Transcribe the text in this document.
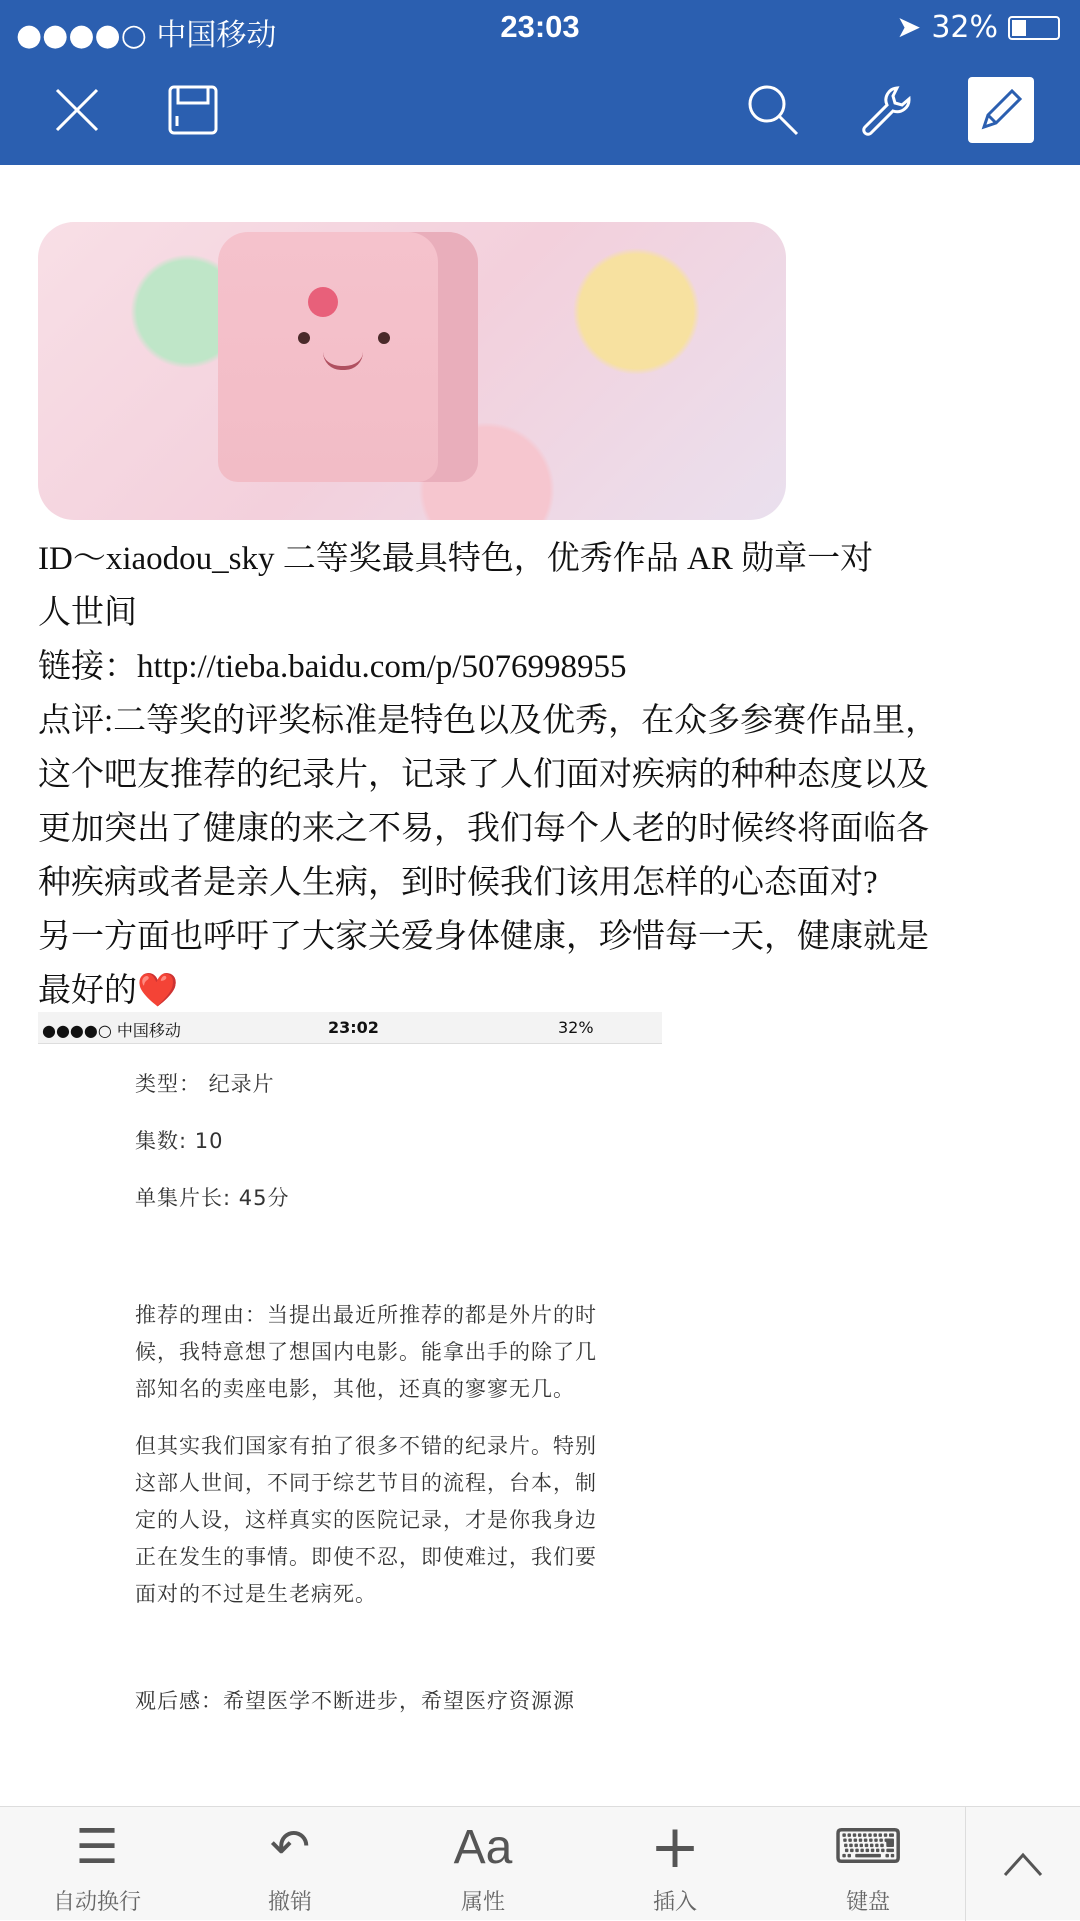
●●●●○ 中国移动	23:03	➤ 32%

ID～xiaodou_sky 二等奖最具特色，优秀作品 AR 勋章一对

人世间

链接：http://tieba.baidu.com/p/5076998955

点评:二等奖的评奖标准是特色以及优秀，在众多参赛作品里，

这个吧友推荐的纪录片，记录了人们面对疾病的种种态度以及

更加突出了健康的来之不易，我们每个人老的时候终将面临各

种疾病或者是亲人生病，到时候我们该用怎样的心态面对?

另一方面也呼吁了大家关爱身体健康，珍惜每一天，健康就是

最好的❤️

●●●●○ 中国移动	23:02	32%

类型： 纪录片

集数: 10

单集片长: 45分

推荐的理由：当提出最近所推荐的都是外片的时候，我特意想了想国内电影。能拿出手的除了几部知名的卖座电影，其他，还真的寥寥无几。

但其实我们国家有拍了很多不错的纪录片。特别这部人世间，不同于综艺节目的流程，台本，制定的人设，这样真实的医院记录，才是你我身边正在发生的事情。即使不忍，即使难过，我们要面对的不过是生老病死。

观后感：希望医学不断进步，希望医疗资源源

☰
自动换行
↶
撤销
Aa
属性
+
插入
⌨
键盘
